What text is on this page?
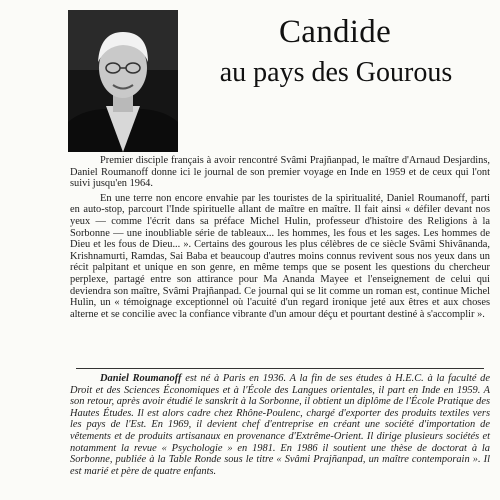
Candide
au pays des Gourous

Premier disciple français à avoir rencontré Svâmi Prajñanpad, le maître d'Arnaud Desjardins, Daniel Roumanoff donne ici le journal de son premier voyage en Inde en 1959 et de ceux qui l'ont suivi jusqu'en 1964.

En une terre non encore envahie par les touristes de la spiritualité, Daniel Roumanoff, parti en auto-stop, parcourt l'Inde spirituelle allant de maître en maître. Il fait ainsi « défiler devant nos yeux — comme l'écrit dans sa préface Michel Hulin, professeur d'histoire des Religions à la Sorbonne — une inoubliable série de tableaux... les hommes, les fous et les sages. Les hommes de Dieu et les fous de Dieu... ». Certains des gourous les plus célèbres de ce siècle Svâmi Shivânanda, Krishnamurti, Ramdas, Sai Baba et beaucoup d'autres moins connus revivent sous nos yeux dans un récit palpitant et unique en son genre, en même temps que se posent les questions du chercheur perplexe, partagé entre son attirance pour Ma Ananda Mayee et l'enseignement de celui qui deviendra son maître, Svâmi Prajñanpad. Ce journal qui se lit comme un roman est, continue Michel Hulin, un « témoignage exceptionnel où l'acuité d'un regard ironique jeté aux êtres et aux choses alterne et se concilie avec la confiance vibrante d'un amour déçu et pourtant destiné à s'accomplir ».

Daniel Roumanoff est né à Paris en 1936. A la fin de ses études à H.E.C. à la faculté de Droit et des Sciences Économiques et à l'École des Langues orientales, il part en Inde en 1959. A son retour, après avoir étudié le sanskrit à la Sorbonne, il obtient un diplôme de l'École Pratique des Hautes Études. Il est alors cadre chez Rhône-Poulenc, chargé d'exporter des produits textiles vers les pays de l'Est. En 1969, il devient chef d'entreprise en créant une société d'importation de vêtements et de produits artisanaux en provenance d'Extrême-Orient. Il dirige plusieurs sociétés et notamment la revue « Psychologie » en 1981. En 1986 il soutient une thèse de doctorat à la Sorbonne, publiée à la Table Ronde sous le titre « Svâmi Prajñanpad, un maître contemporain ». Il est marié et père de quatre enfants.
